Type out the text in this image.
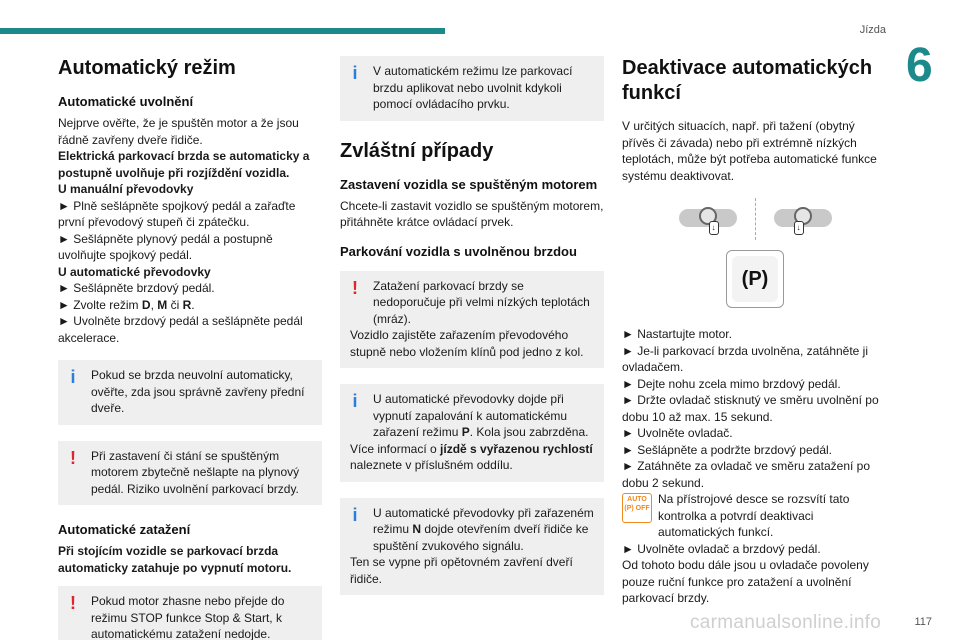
Jízda
6
Automatický režim
Automatické uvolnění

Nejprve ověřte, že je spuštěn motor a že jsou řádně zavřeny dveře řidiče.

Elektrická parkovací brzda se automaticky a postupně uvolňuje při rozjíždění vozidla.

U manuální převodovky

► Plně sešlápněte spojkový pedál a zařaďte první převodový stupeň či zpátečku.

► Sešlápněte plynový pedál a postupně uvolňujte spojkový pedál.

U automatické převodovky

► Sešlápněte brzdový pedál.

► Zvolte režim D, M či R.

► Uvolněte brzdový pedál a sešlápněte pedál akcelerace.

i Pokud se brzda neuvolní automaticky, ověřte, zda jsou správně zavřeny přední dveře.

! Při zastavení či stání se spuštěným motorem zbytečně nešlapte na plynový pedál. Riziko uvolnění parkovací brzdy.

Automatické zatažení

Při stojícím vozidle se parkovací brzda automaticky zatahuje po vypnutí motoru.

! Pokud motor zhasne nebo přejde do režimu STOP funkce Stop & Start, k automatickému zatažení nedojde.

i V automatickém režimu lze parkovací brzdu aplikovat nebo uvolnit kdykoli pomocí ovládacího prvku.

Zvláštní případy
Zastavení vozidla se spuštěným motorem

Chcete-li zastavit vozidlo se spuštěným motorem, přitáhněte krátce ovládací prvek.

Parkování vozidla s uvolněnou brzdou
! Zatažení parkovací brzdy se nedoporučuje při velmi nízkých teplotách (mráz).

Vozidlo zajistěte zařazením převodového stupně nebo vložením klínů pod jedno z kol.

i U automatické převodovky dojde při vypnutí zapalování k automatickému zařazení režimu P. Kola jsou zabrzděna.

Více informací o jízdě s vyřazenou rychlostí naleznete v příslušném oddílu.

i U automatické převodovky při zařazeném režimu N dojde otevřením dveří řidiče ke spuštění zvukového signálu.

Ten se vypne při opětovném zavření dveří řidiče.

Deaktivace automatických funkcí

V určitých situacích, např. při tažení (obytný přívěs či závada) nebo při extrémně nízkých teplotách, může být potřeba automatické funkce systému deaktivovat.

↓	↓
(P)

► Nastartujte motor.

► Je-li parkovací brzda uvolněna, zatáhněte ji ovladačem.

► Dejte nohu zcela mimo brzdový pedál.

► Držte ovladač stisknutý ve směru uvolnění po dobu 10 až max. 15 sekund.

► Uvolněte ovladač.

► Sešlápněte a podržte brzdový pedál.

► Zatáhněte za ovladač ve směru zatažení po dobu 2 sekund.

AUTO (P) OFF

Na přístrojové desce se rozsvítí tato kontrolka a potvrdí deaktivaci automatických funkcí.

► Uvolněte ovladač a brzdový pedál.

Od tohoto bodu dále jsou u ovladače povoleny pouze ruční funkce pro zatažení a uvolnění parkovací brzdy.

carmanualsonline.info	117
